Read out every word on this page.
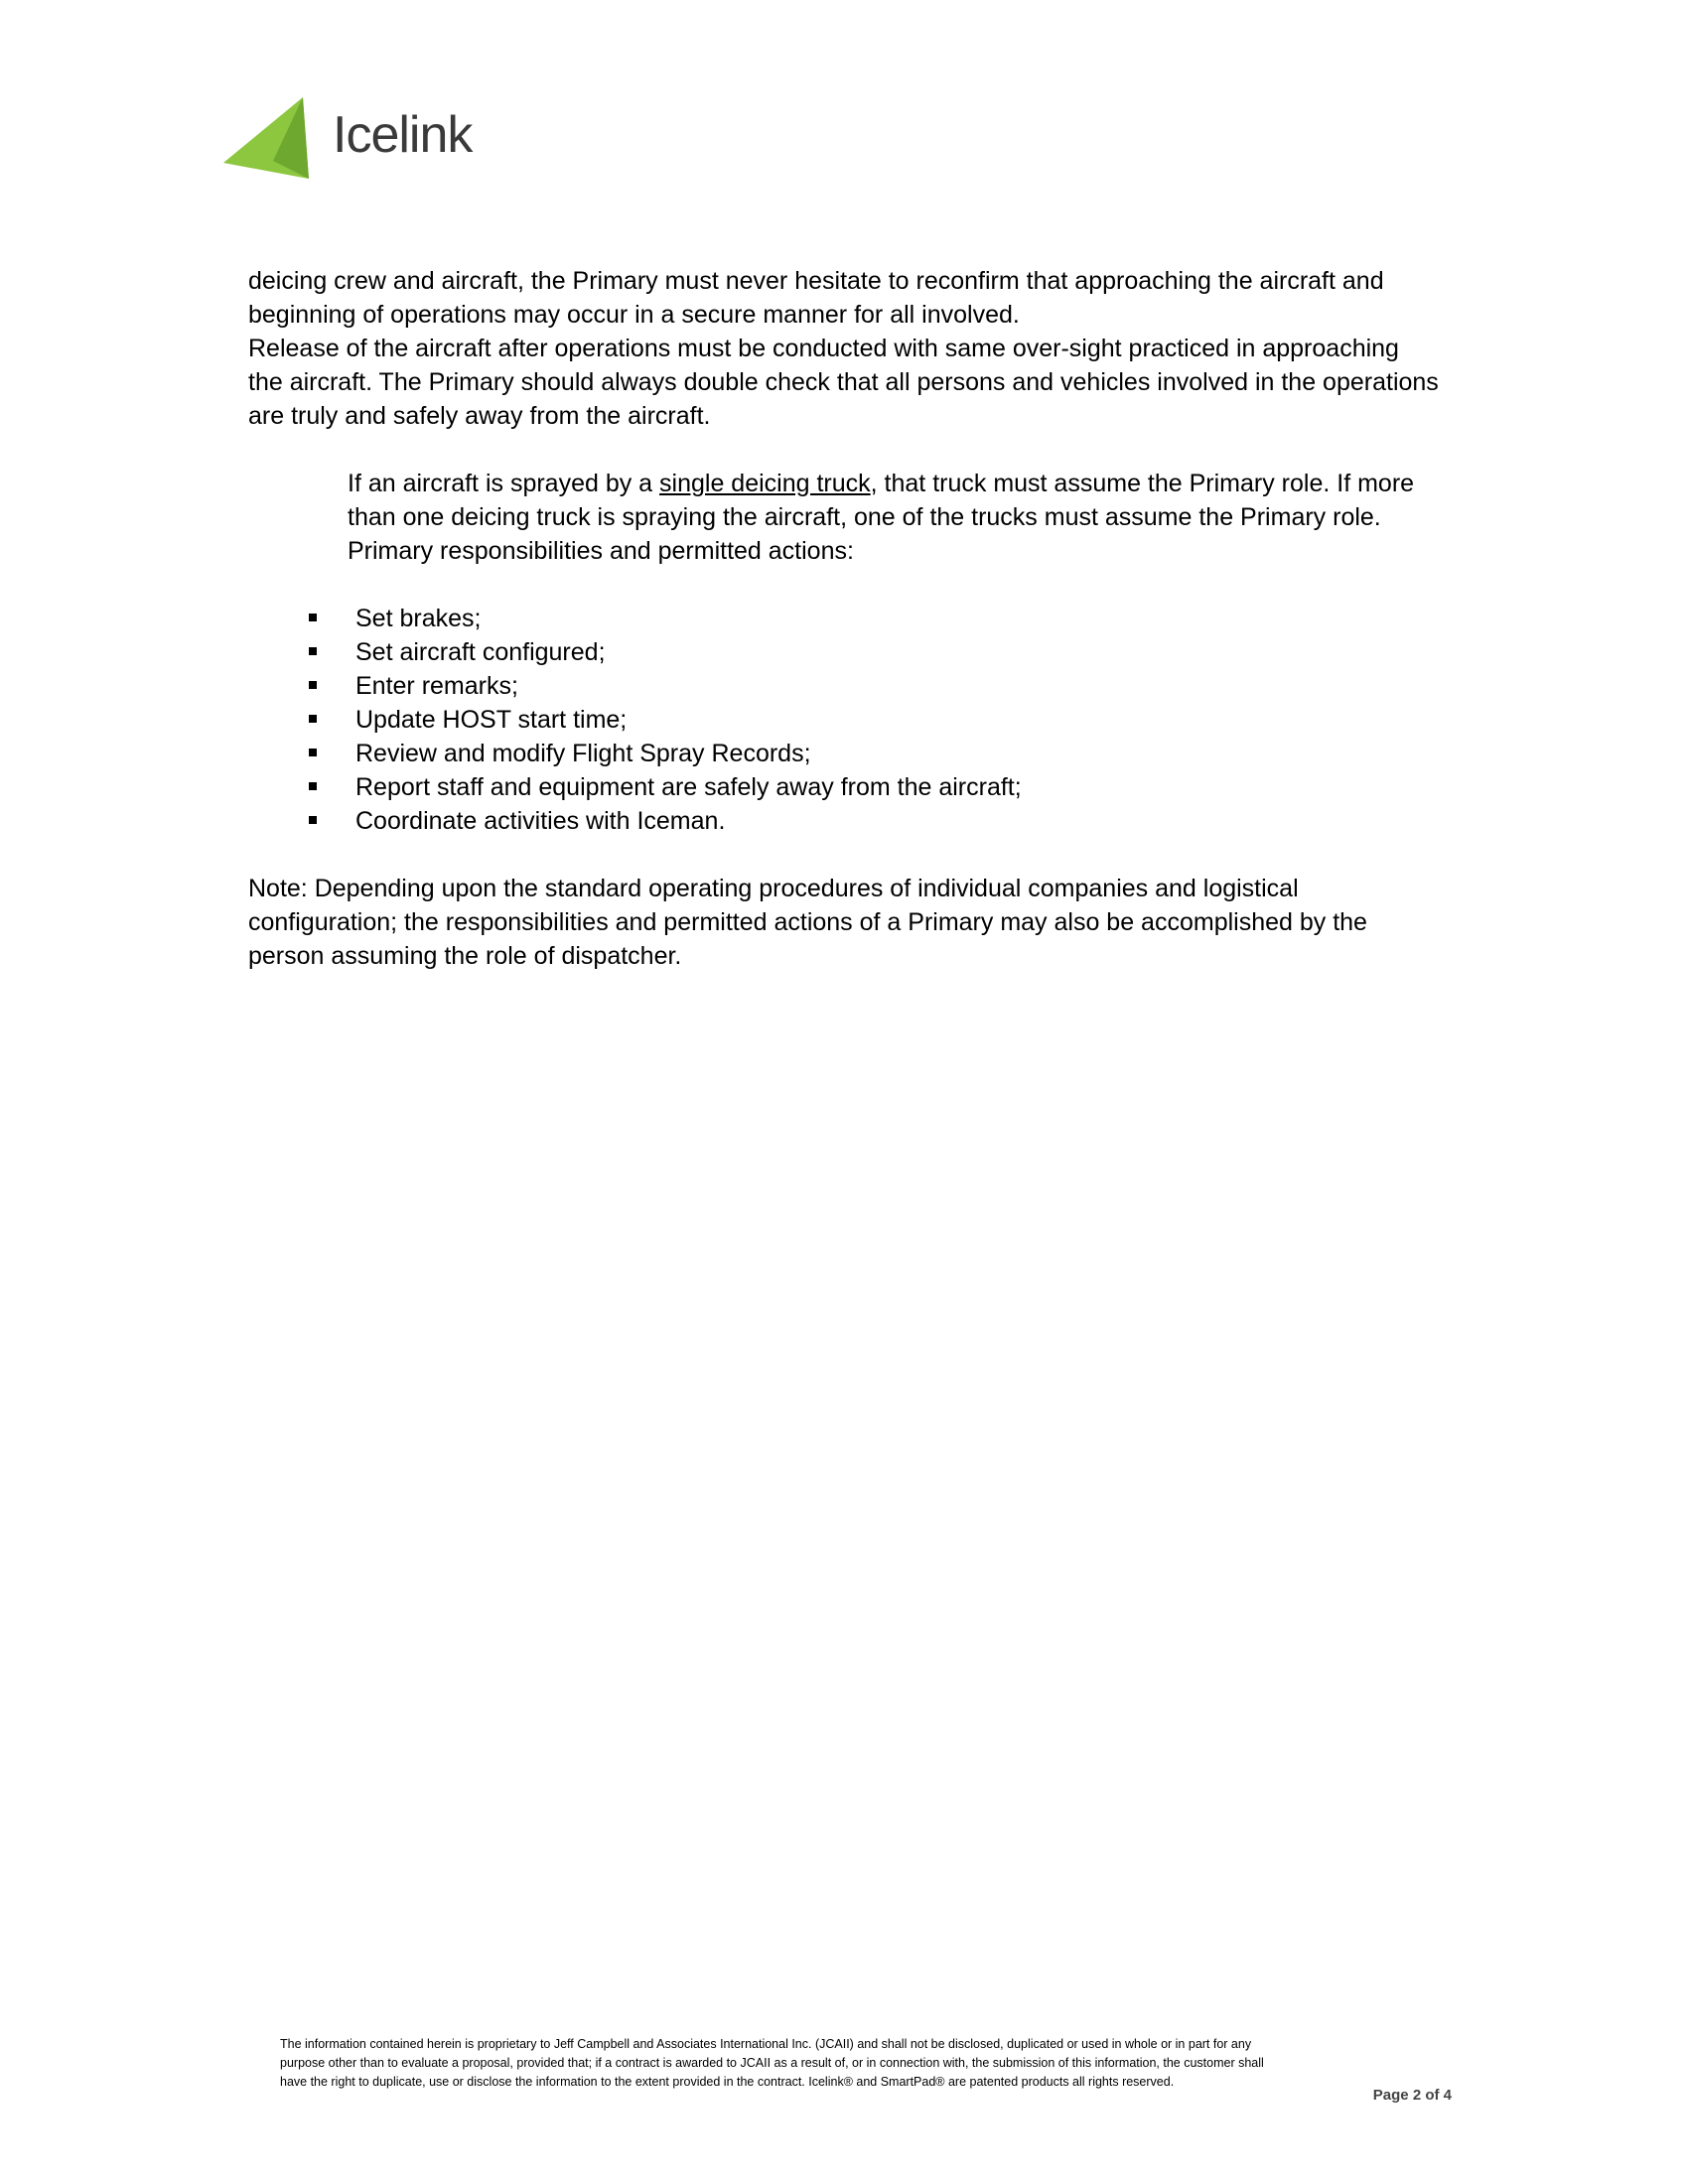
Icelink

deicing crew and aircraft, the Primary must never hesitate to reconfirm that approaching the aircraft and beginning of operations may occur in a secure manner for all involved.

Release of the aircraft after operations must be conducted with same over-sight practiced in approaching the aircraft. The Primary should always double check that all persons and vehicles involved in the operations are truly and safely away from the aircraft.

If an aircraft is sprayed by a single deicing truck, that truck must assume the Primary role. If more than one deicing truck is spraying the aircraft, one of the trucks must assume the Primary role.

Primary responsibilities and permitted actions:

Set brakes;
Set aircraft configured;
Enter remarks;
Update HOST start time;
Review and modify Flight Spray Records;
Report staff and equipment are safely away from the aircraft;
Coordinate activities with Iceman.

Note: Depending upon the standard operating procedures of individual companies and logistical configuration; the responsibilities and permitted actions of a Primary may also be accomplished by the person assuming the role of dispatcher.

The information contained herein is proprietary to Jeff Campbell and Associates International Inc. (JCAII) and shall not be disclosed, duplicated or used in whole or in part for any

purpose other than to evaluate a proposal, provided that; if a contract is awarded to JCAII as a result of, or in connection with, the submission of this information, the customer shall

have the right to duplicate, use or disclose the information to the extent provided in the contract. Icelink® and SmartPad® are patented products all rights reserved.

Page 2 of 4
